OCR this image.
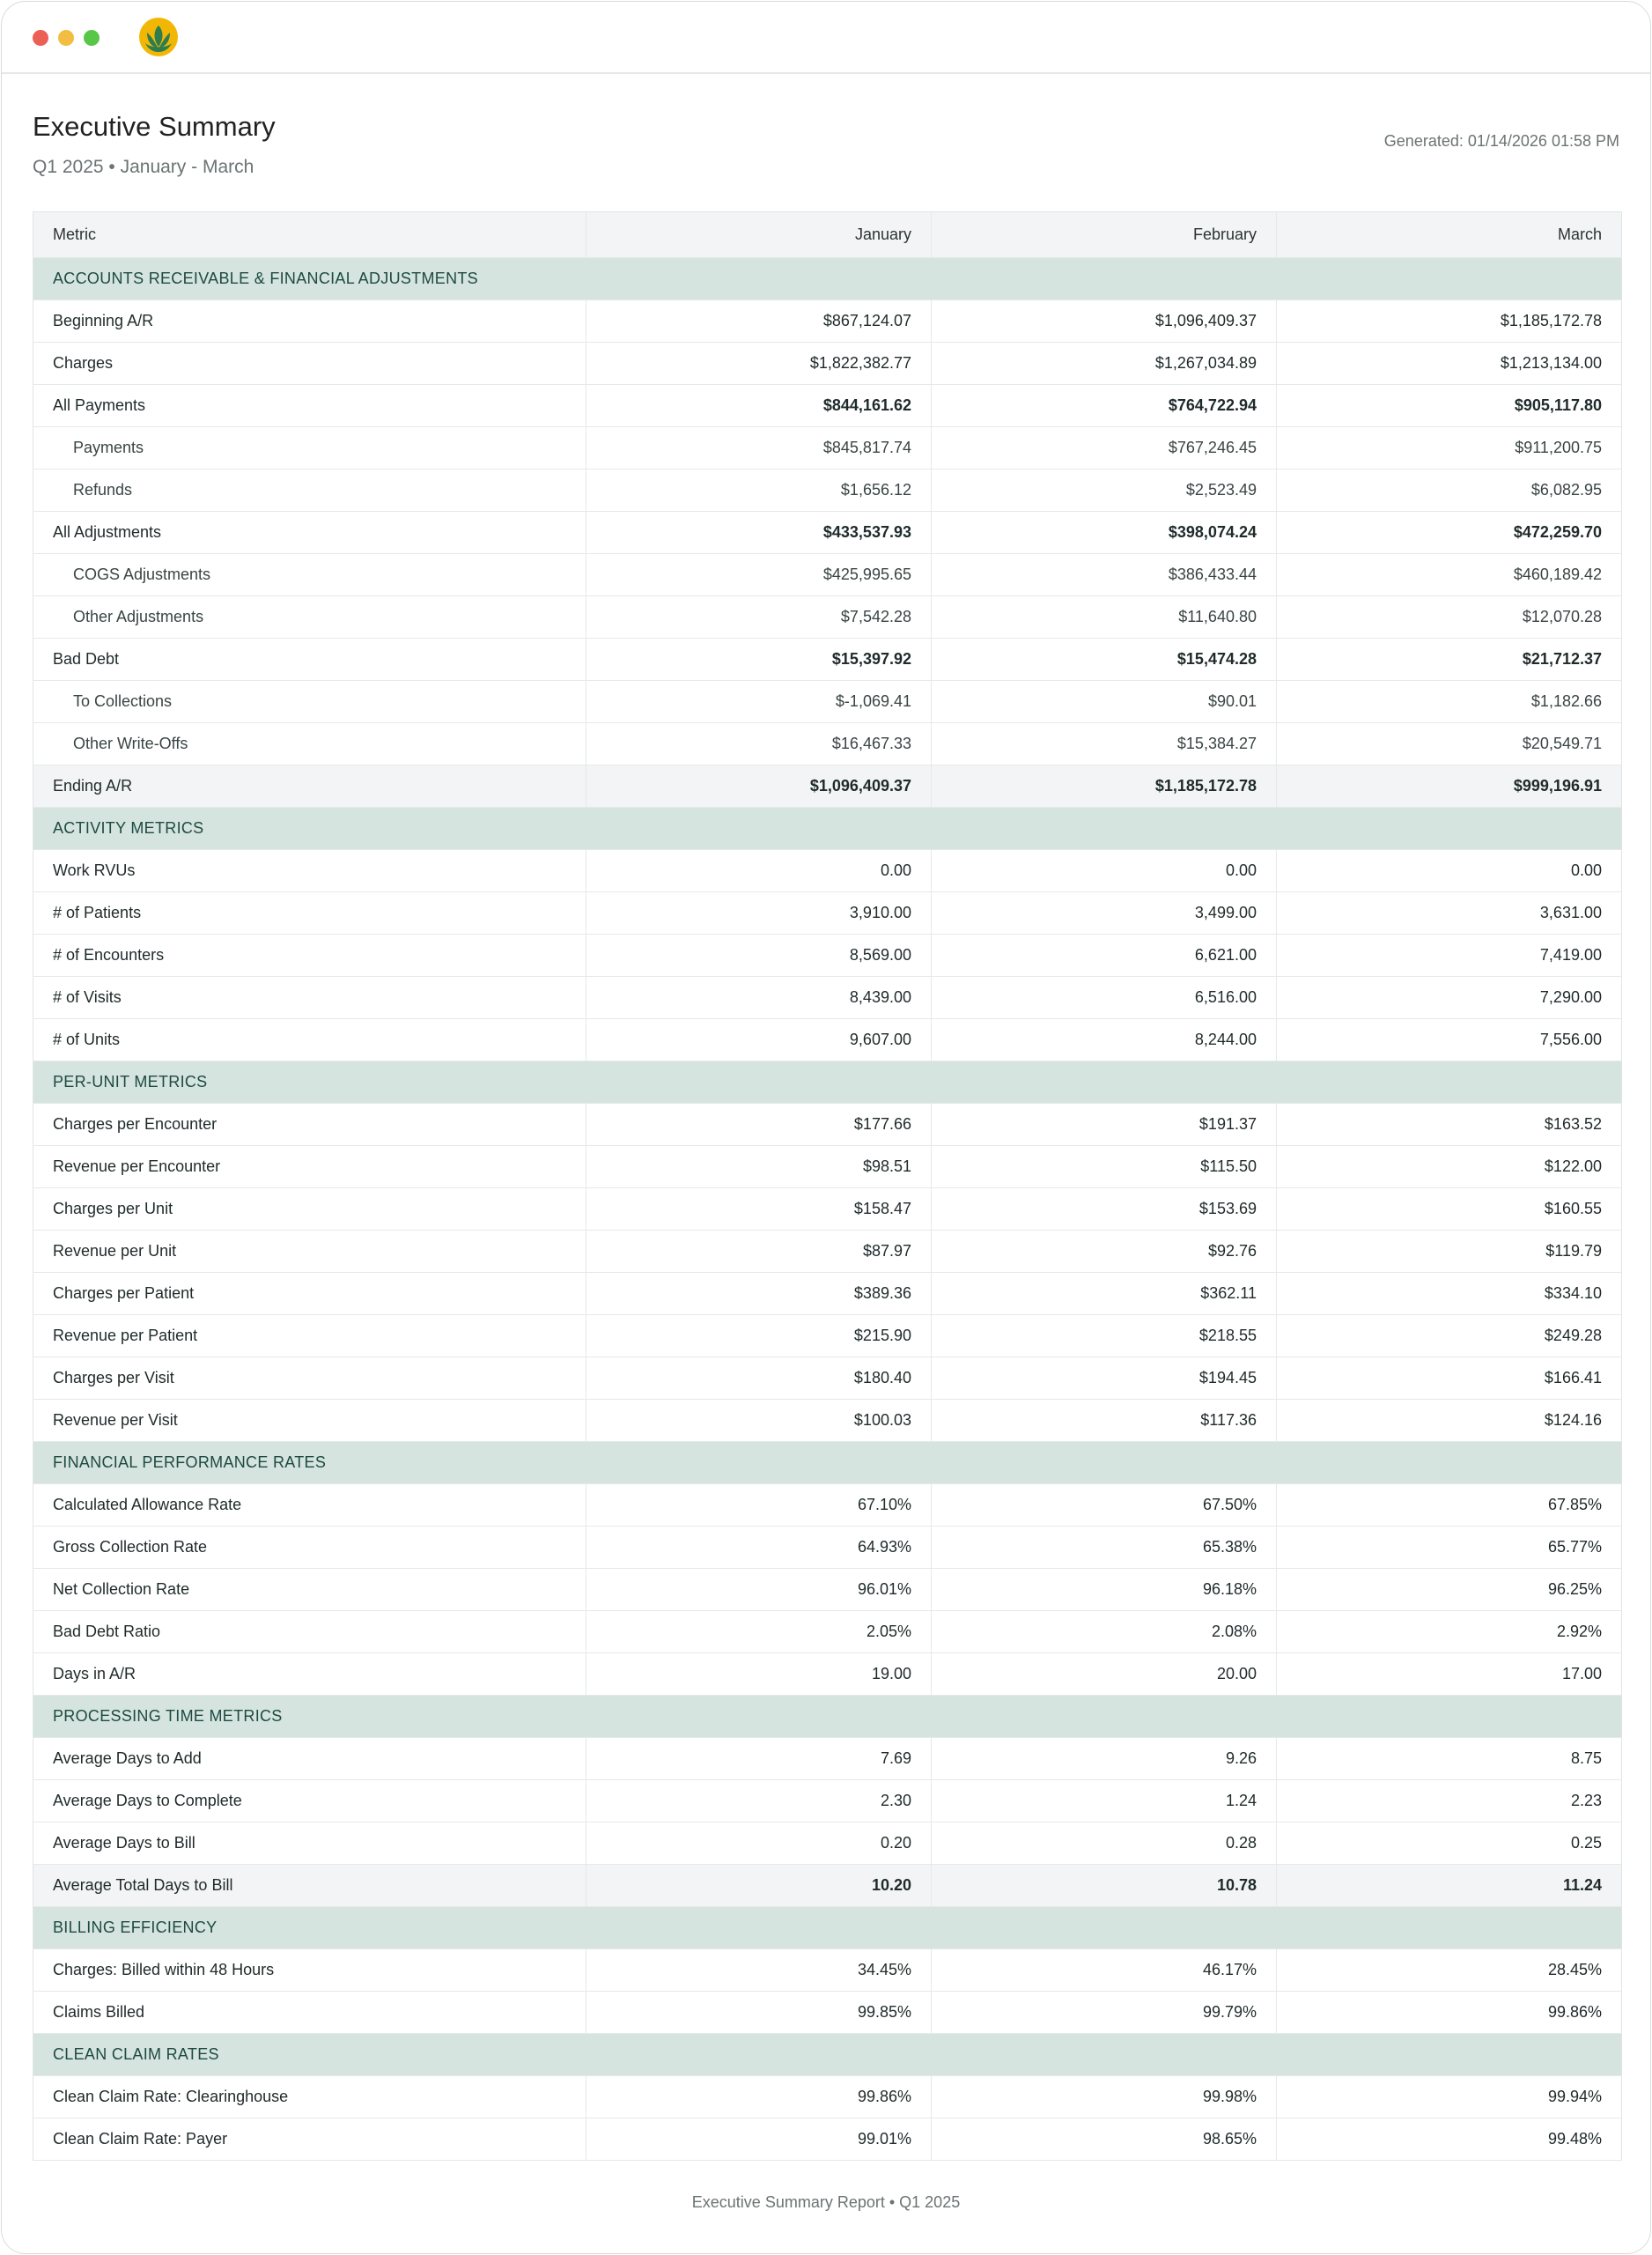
Executive Summary
Q1 2025 • January - March
Generated: 01/14/2026 01:58 PM
Metric	January	February	March
ACCOUNTS RECEIVABLE & FINANCIAL ADJUSTMENTS			
Beginning A/R	$867,124.07	$1,096,409.37	$1,185,172.78
Charges	$1,822,382.77	$1,267,034.89	$1,213,134.00
All Payments	$844,161.62	$764,722.94	$905,117.80
Payments	$845,817.74	$767,246.45	$911,200.75
Refunds	$1,656.12	$2,523.49	$6,082.95
All Adjustments	$433,537.93	$398,074.24	$472,259.70
COGS Adjustments	$425,995.65	$386,433.44	$460,189.42
Other Adjustments	$7,542.28	$11,640.80	$12,070.28
Bad Debt	$15,397.92	$15,474.28	$21,712.37
To Collections	$-1,069.41	$90.01	$1,182.66
Other Write-Offs	$16,467.33	$15,384.27	$20,549.71
Ending A/R	$1,096,409.37	$1,185,172.78	$999,196.91
ACTIVITY METRICS			
Work RVUs	0.00	0.00	0.00
# of Patients	3,910.00	3,499.00	3,631.00
# of Encounters	8,569.00	6,621.00	7,419.00
# of Visits	8,439.00	6,516.00	7,290.00
# of Units	9,607.00	8,244.00	7,556.00
PER-UNIT METRICS			
Charges per Encounter	$177.66	$191.37	$163.52
Revenue per Encounter	$98.51	$115.50	$122.00
Charges per Unit	$158.47	$153.69	$160.55
Revenue per Unit	$87.97	$92.76	$119.79
Charges per Patient	$389.36	$362.11	$334.10
Revenue per Patient	$215.90	$218.55	$249.28
Charges per Visit	$180.40	$194.45	$166.41
Revenue per Visit	$100.03	$117.36	$124.16
FINANCIAL PERFORMANCE RATES			
Calculated Allowance Rate	67.10%	67.50%	67.85%
Gross Collection Rate	64.93%	65.38%	65.77%
Net Collection Rate	96.01%	96.18%	96.25%
Bad Debt Ratio	2.05%	2.08%	2.92%
Days in A/R	19.00	20.00	17.00
PROCESSING TIME METRICS			
Average Days to Add	7.69	9.26	8.75
Average Days to Complete	2.30	1.24	2.23
Average Days to Bill	0.20	0.28	0.25
Average Total Days to Bill	10.20	10.78	11.24
BILLING EFFICIENCY			
Charges: Billed within 48 Hours	34.45%	46.17%	28.45%
Claims Billed	99.85%	99.79%	99.86%
CLEAN CLAIM RATES			
Clean Claim Rate: Clearinghouse	99.86%	99.98%	99.94%
Clean Claim Rate: Payer	99.01%	98.65%	99.48%
Executive Summary Report • Q1 2025
